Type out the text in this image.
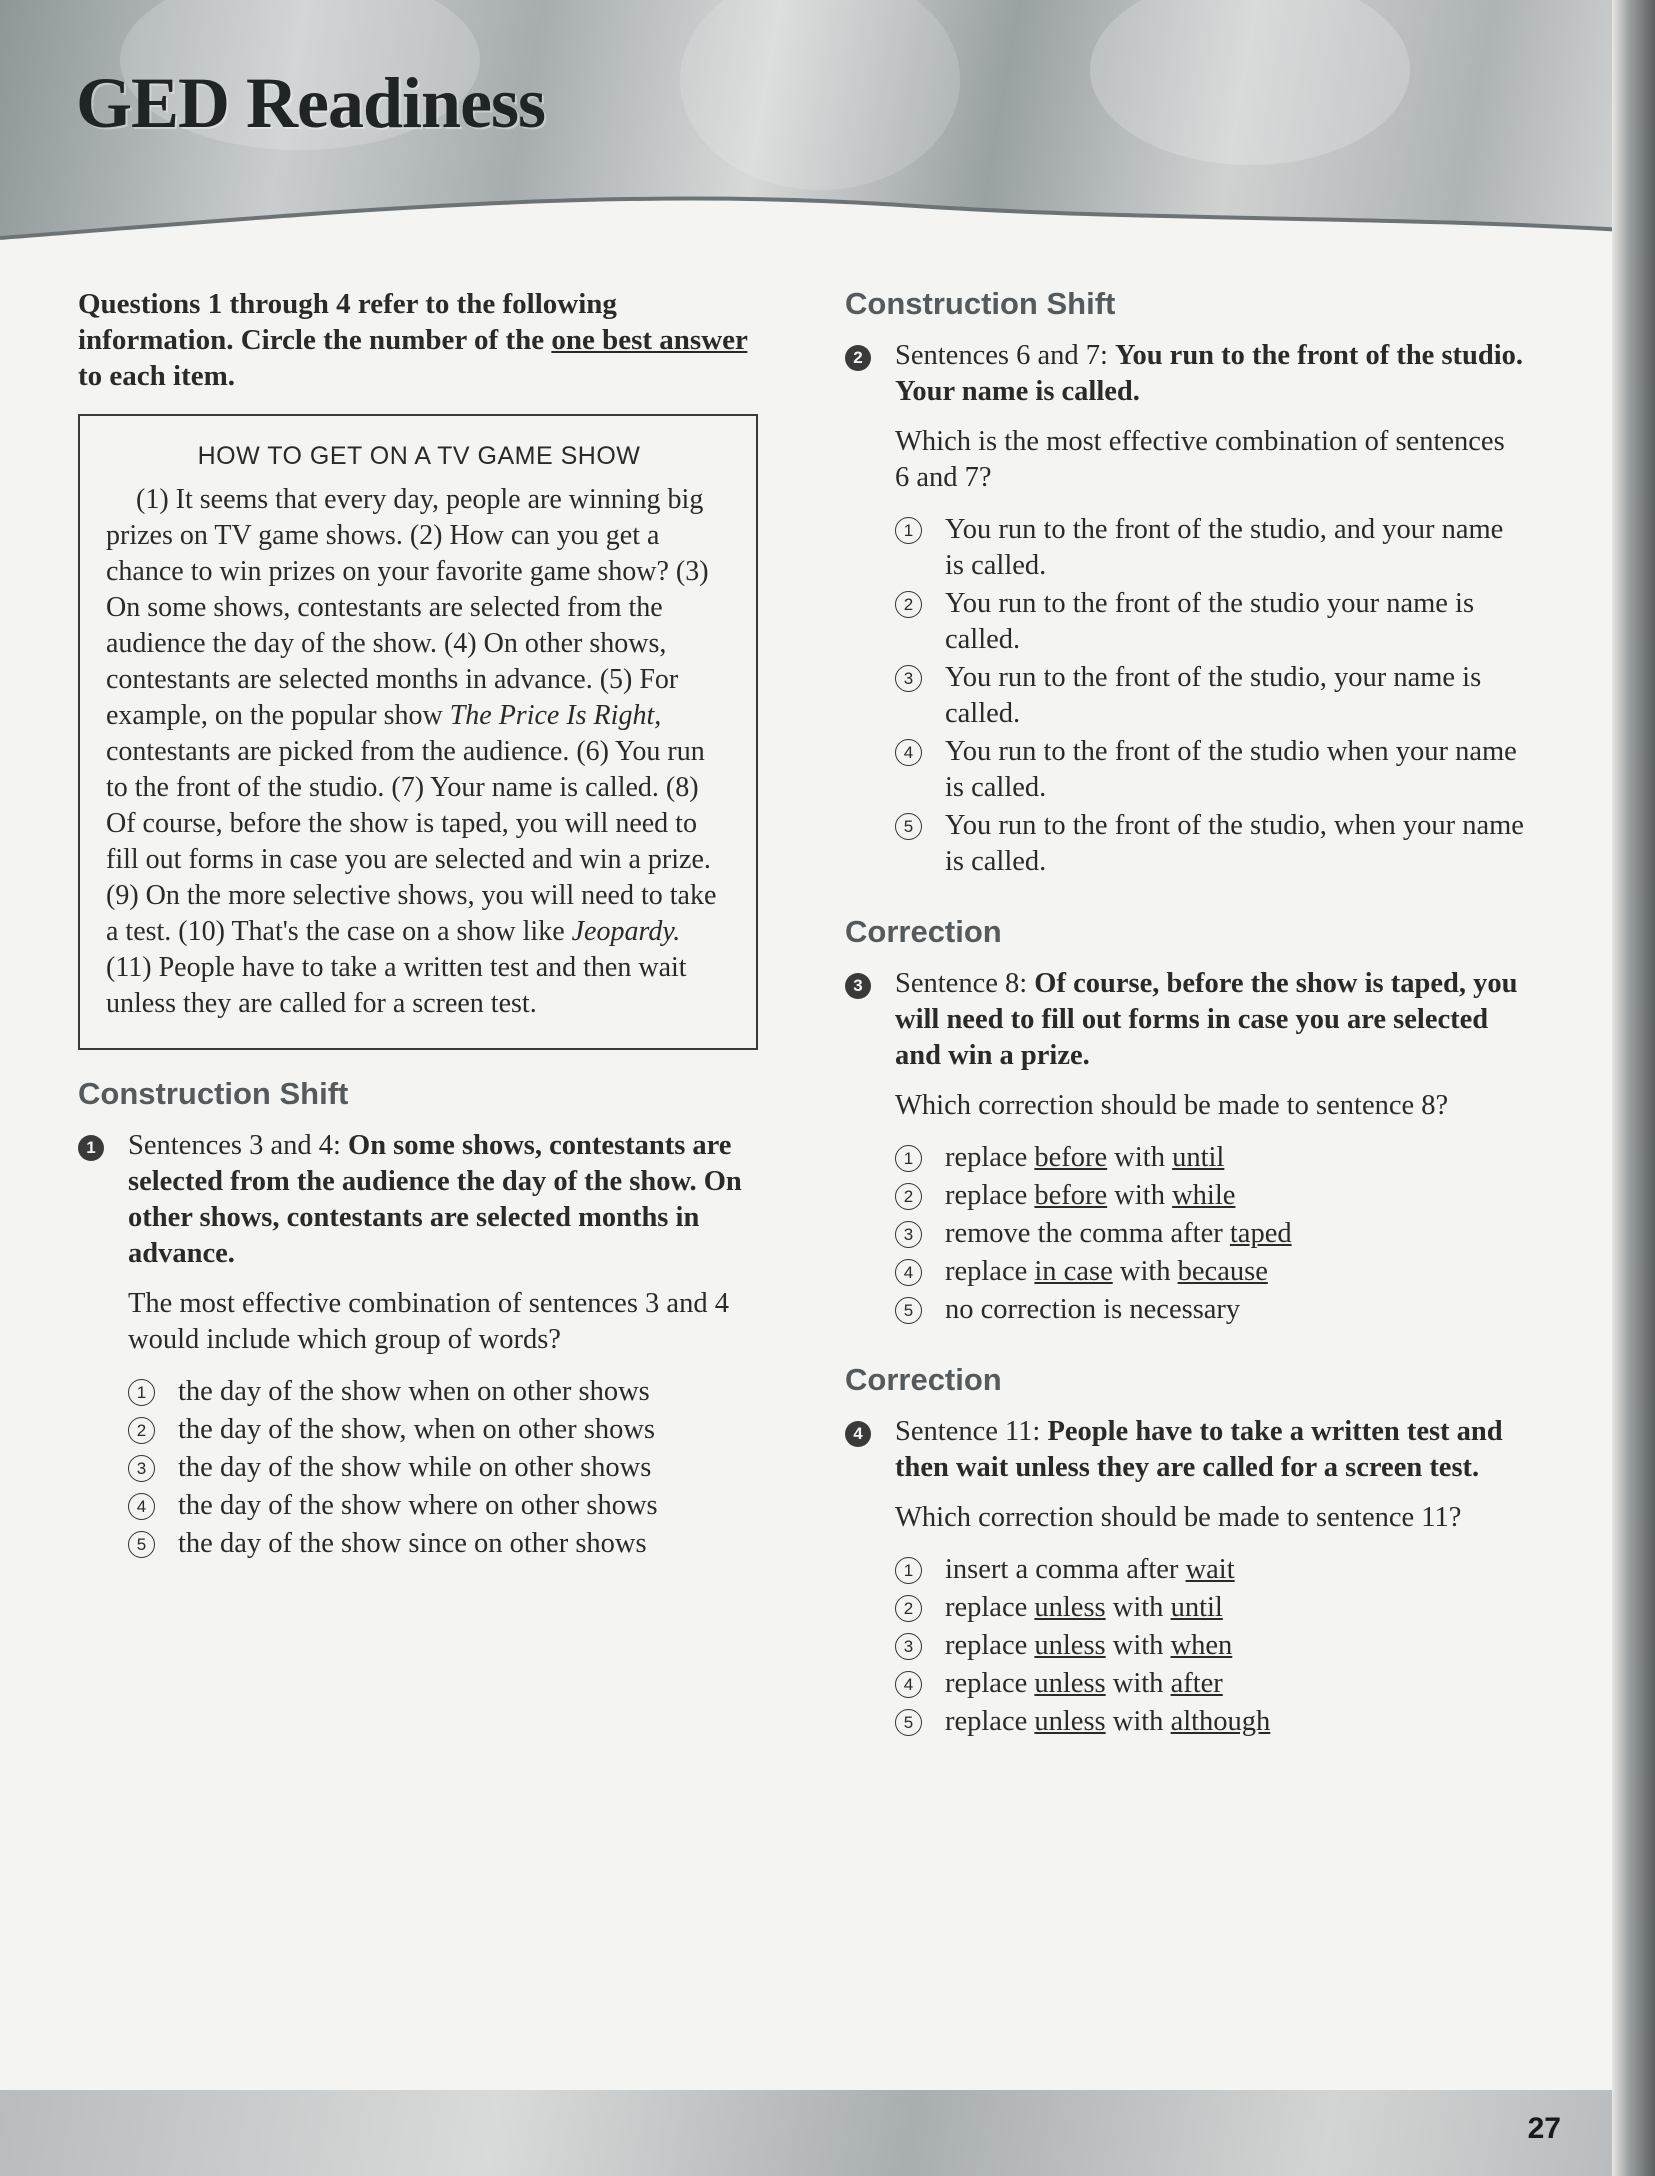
GED Readiness

Questions 1 through 4 refer to the following information. Circle the number of the one best answer to each item.

HOW TO GET ON A TV GAME SHOW

(1) It seems that every day, people are winning big prizes on TV game shows. (2) How can you get a chance to win prizes on your favorite game show? (3) On some shows, contestants are selected from the audience the day of the show. (4) On other shows, contestants are selected months in advance. (5) For example, on the popular show The Price Is Right, contestants are picked from the audience. (6) You run to the front of the studio. (7) Your name is called. (8) Of course, before the show is taped, you will need to fill out forms in case you are selected and win a prize. (9) On the more selective shows, you will need to take a test. (10) That's the case on a show like Jeopardy. (11) People have to take a written test and then wait unless they are called for a screen test.

Construction Shift
1 Sentences 3 and 4: On some shows, contestants are selected from the audience the day of the show. On other shows, contestants are selected months in advance.
The most effective combination of sentences 3 and 4 would include which group of words?
1	the day of the show when on other shows
2	the day of the show, when on other shows
3	the day of the show while on other shows
4	the day of the show where on other shows
5	the day of the show since on other shows
Construction Shift
2 Sentences 6 and 7: You run to the front of the studio. Your name is called.
Which is the most effective combination of sentences 6 and 7?
1	You run to the front of the studio, and your name is called.
2	You run to the front of the studio your name is called.
3	You run to the front of the studio, your name is called.
4	You run to the front of the studio when your name is called.
5	You run to the front of the studio, when your name is called.
Correction
3 Sentence 8: Of course, before the show is taped, you will need to fill out forms in case you are selected and win a prize.
Which correction should be made to sentence 8?
1	replace before with until
2	replace before with while
3	remove the comma after taped
4	replace in case with because
5	no correction is necessary
Correction
4 Sentence 11: People have to take a written test and then wait unless they are called for a screen test.
Which correction should be made to sentence 11?
1	insert a comma after wait
2	replace unless with until
3	replace unless with when
4	replace unless with after
5	replace unless with although
27
